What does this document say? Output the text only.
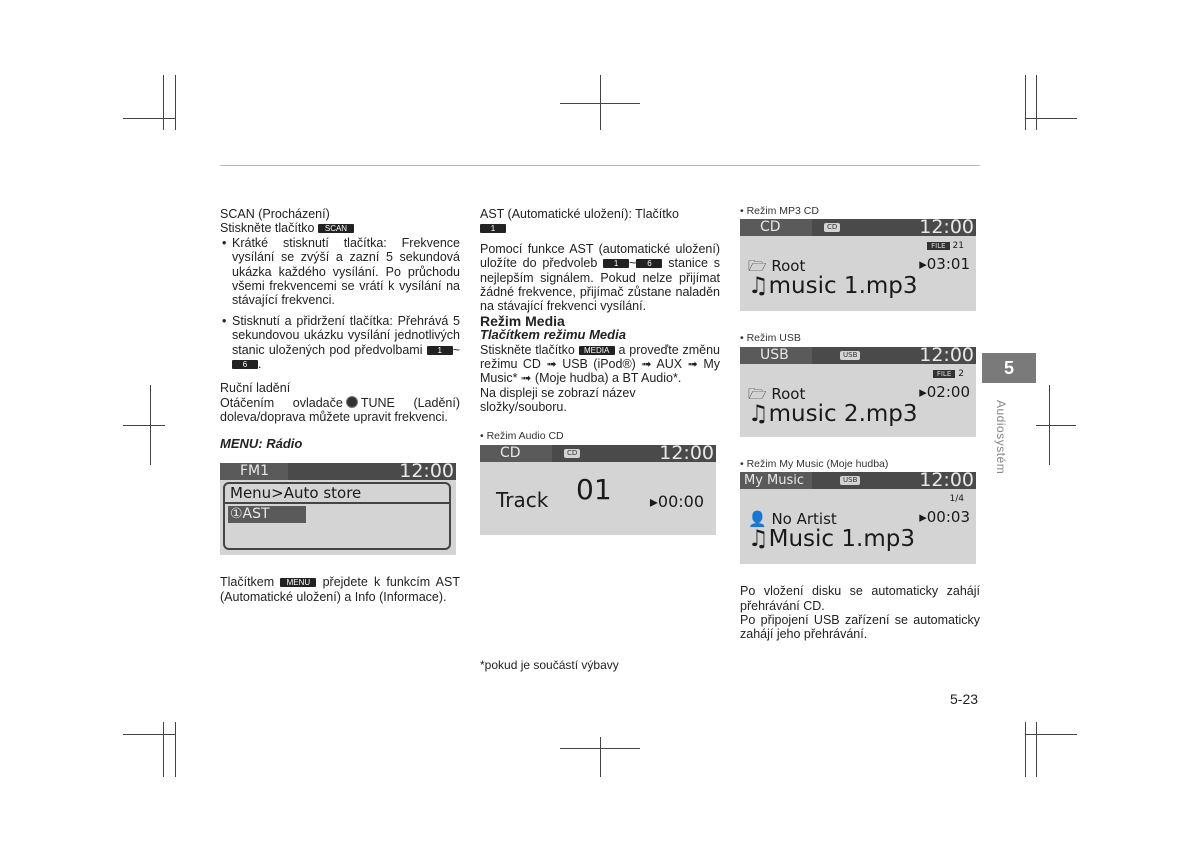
SCAN (Procházení)

Stiskněte tlačítko SCAN

• Krátké stisknutí tlačítka: Frekvence vysílání se zvýší a zazní 5 sekundová ukázka každého vysílání. Po průchodu všemi frekvencemi se vrátí k vysílání na stávající frekvenci.

• Stisknutí a přidržení tlačítka: Přehrává 5 sekundovou ukázku vysílání jednotlivých stanic uložených pod předvolbami 1 ~6 .

Ruční ladění

Otáčením ovladače TUNE (Ladění) doleva/doprava můžete upravit frekvenci.

MENU: Rádio

FM1	12:00
Menu>Auto store
①AST

Tlačítkem MENU přejdete k funkcím AST (Automatické uložení) a Info (Informace).

AST (Automatické uložení): Tlačítko

1

Pomocí funkce AST (automatické uložení) uložíte do předvoleb 1 ~ 6 stanice s nejlepším signálem. Pokud nelze přijímat žádné frekvence, přijímač zůstane naladěn na stávající frekvenci vysílání.

Režim Media

Tlačítkem režimu Media

Stiskněte tlačítko MEDIA a proveďte změnu režimu CD ➟ USB (iPod®) ➟ AUX ➟ My Music* ➟ (Moje hudba) a BT Audio*.

Na displeji se zobrazí název složky/souboru.

• Režim Audio CD

CD	CD	12:00
Track 01 ▸00:00

• Režim MP3 CD

CD	CD	12:00
FILE 21
🗁 Root	▸03:01
♫music 1.mp3

• Režim USB

USB	USB	12:00
FILE 2
🗁 Root	▸02:00
♫music 2.mp3

• Režim My Music (Moje hudba)

My Music	USB	12:00
1/4
👤 No Artist	▸00:03
♫Music 1.mp3

Po vložení disku se automaticky zahájí přehrávání CD.

Po připojení USB zařízení se automaticky zahájí jeho přehrávání.

5
Audiosystém
*pokud je součástí výbavy
5-23
